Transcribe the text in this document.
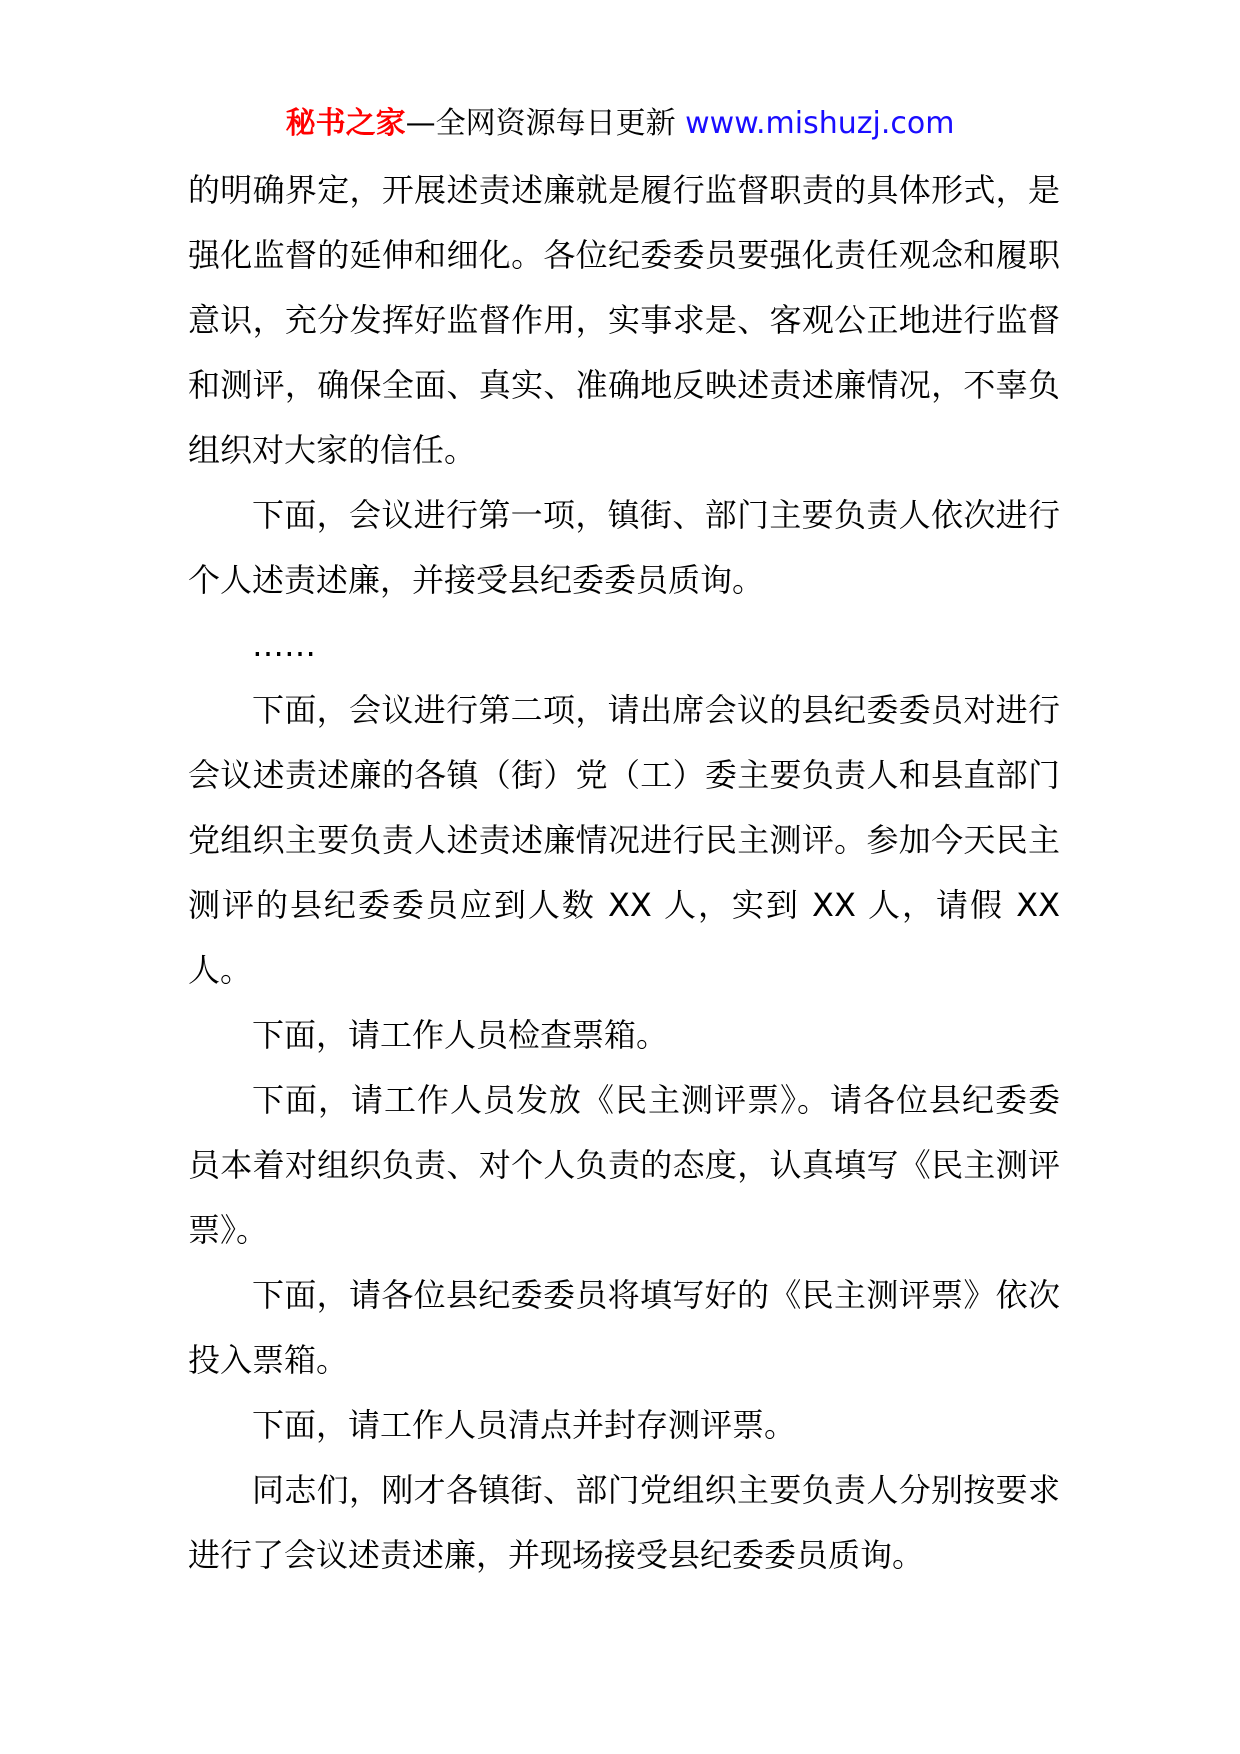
秘书之家—全网资源每日更新 www.mishuzj.com

的明确界定，开展述责述廉就是履行监督职责的具体形式，是强化监督的延伸和细化。各位纪委委员要强化责任观念和履职意识，充分发挥好监督作用，实事求是、客观公正地进行监督和测评，确保全面、真实、准确地反映述责述廉情况，不辜负组织对大家的信任。

下面，会议进行第一项，镇街、部门主要负责人依次进行个人述责述廉，并接受县纪委委员质询。

……

下面，会议进行第二项，请出席会议的县纪委委员对进行会议述责述廉的各镇（街）党（工）委主要负责人和县直部门党组织主要负责人述责述廉情况进行民主测评。参加今天民主测评的县纪委委员应到人数 XX 人，实到 XX 人，请假 XX 人。

下面，请工作人员检查票箱。

下面，请工作人员发放《民主测评票》。请各位县纪委委员本着对组织负责、对个人负责的态度，认真填写《民主测评票》。

下面，请各位县纪委委员将填写好的《民主测评票》依次投入票箱。

下面，请工作人员清点并封存测评票。

同志们，刚才各镇街、部门党组织主要负责人分别按要求进行了会议述责述廉，并现场接受县纪委委员质询。
